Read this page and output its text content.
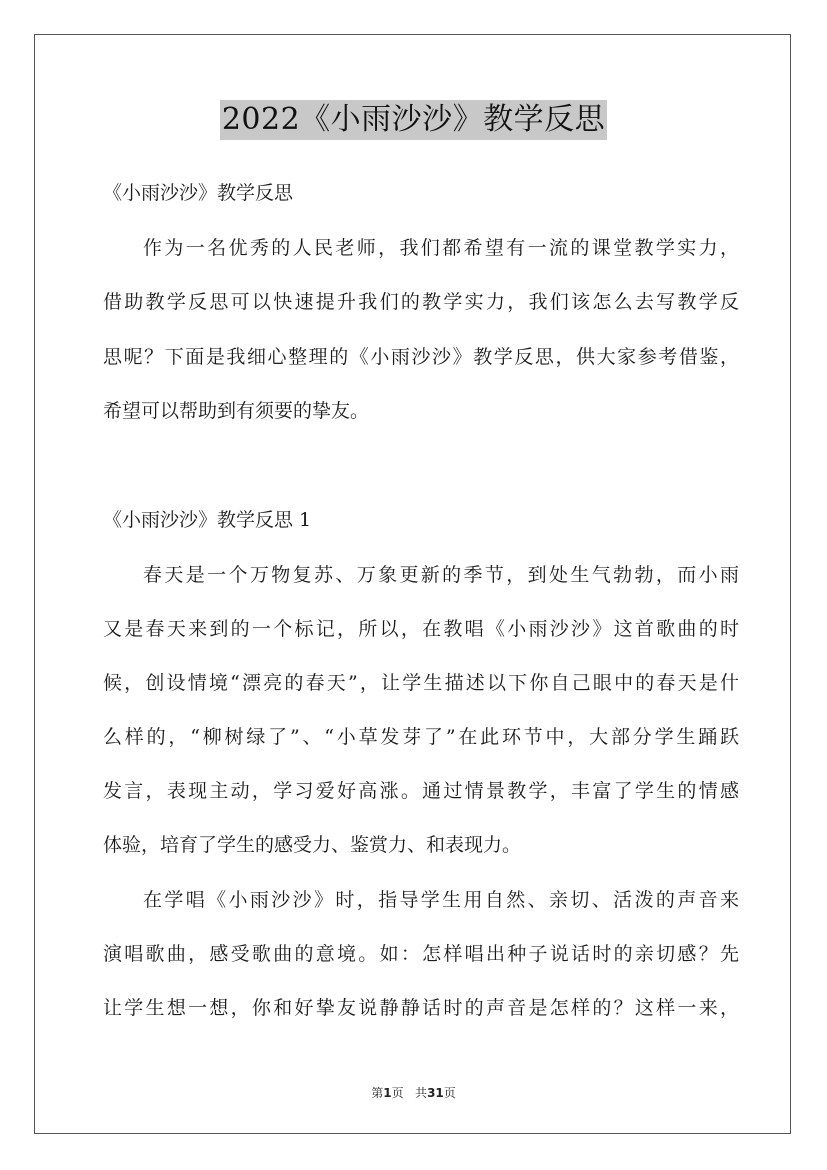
2022《小雨沙沙》教学反思
《小雨沙沙》教学反思
作为一名优秀的人民老师，我们都希望有一流的课堂教学实力，
借助教学反思可以快速提升我们的教学实力，我们该怎么去写教学反
思呢？下面是我细心整理的《小雨沙沙》教学反思，供大家参考借鉴，
希望可以帮助到有须要的挚友。
《小雨沙沙》教学反思 1
春天是一个万物复苏、万象更新的季节，到处生气勃勃，而小雨
又是春天来到的一个标记，所以，在教唱《小雨沙沙》这首歌曲的时
候，创设情境“漂亮的春天”，让学生描述以下你自己眼中的春天是什
么样的，“柳树绿了”、“小草发芽了”在此环节中，大部分学生踊跃
发言，表现主动，学习爱好高涨。通过情景教学，丰富了学生的情感
体验，培育了学生的感受力、鉴赏力、和表现力。
在学唱《小雨沙沙》时，指导学生用自然、亲切、活泼的声音来
演唱歌曲，感受歌曲的意境。如：怎样唱出种子说话时的亲切感？先
让学生想一想，你和好挚友说静静话时的声音是怎样的？这样一来，
第1页 共31页
